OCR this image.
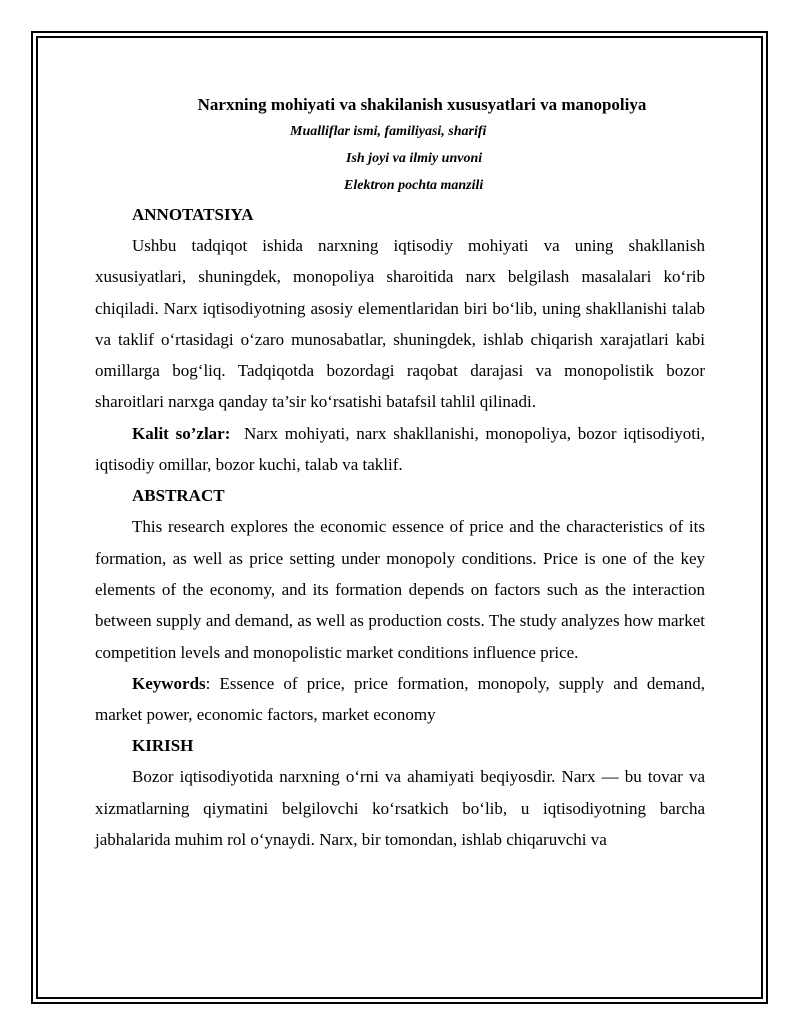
Narxning mohiyati va shakilanish xususyatlari va manopoliya

Mualliflar ismi, familiyasi, sharifi

Ish joyi va ilmiy unvoni

Elektron pochta manzili

ANNOTATSIYA

Ushbu tadqiqot ishida narxning iqtisodiy mohiyati va uning shakllanish xususiyatlari, shuningdek, monopoliya sharoitida narx belgilash masalalari ko‘rib chiqiladi. Narx iqtisodiyotning asosiy elementlaridan biri bo‘lib, uning shakllanishi talab va taklif o‘rtasidagi o‘zaro munosabatlar, shuningdek, ishlab chiqarish xarajatlari kabi omillarga bog‘liq. Tadqiqotda bozordagi raqobat darajasi va monopolistik bozor sharoitlari narxga qanday ta’sir ko‘rsatishi batafsil tahlil qilinadi.

Kalit so’zlar:  Narx mohiyati, narx shakllanishi, monopoliya, bozor iqtisodiyoti, iqtisodiy omillar, bozor kuchi, talab va taklif.

ABSTRACT

This research explores the economic essence of price and the characteristics of its formation, as well as price setting under monopoly conditions. Price is one of the key elements of the economy, and its formation depends on factors such as the interaction between supply and demand, as well as production costs. The study analyzes how market competition levels and monopolistic market conditions influence price.

Keywords: Essence of price, price formation, monopoly, supply and demand, market power, economic factors, market economy

KIRISH

Bozor iqtisodiyotida narxning o‘rni va ahamiyati beqiyosdir. Narx — bu tovar va xizmatlarning qiymatini belgilovchi ko‘rsatkich bo‘lib, u iqtisodiyotning barcha jabhalarida muhim rol o‘ynaydi. Narx, bir tomondan, ishlab chiqaruvchi va
